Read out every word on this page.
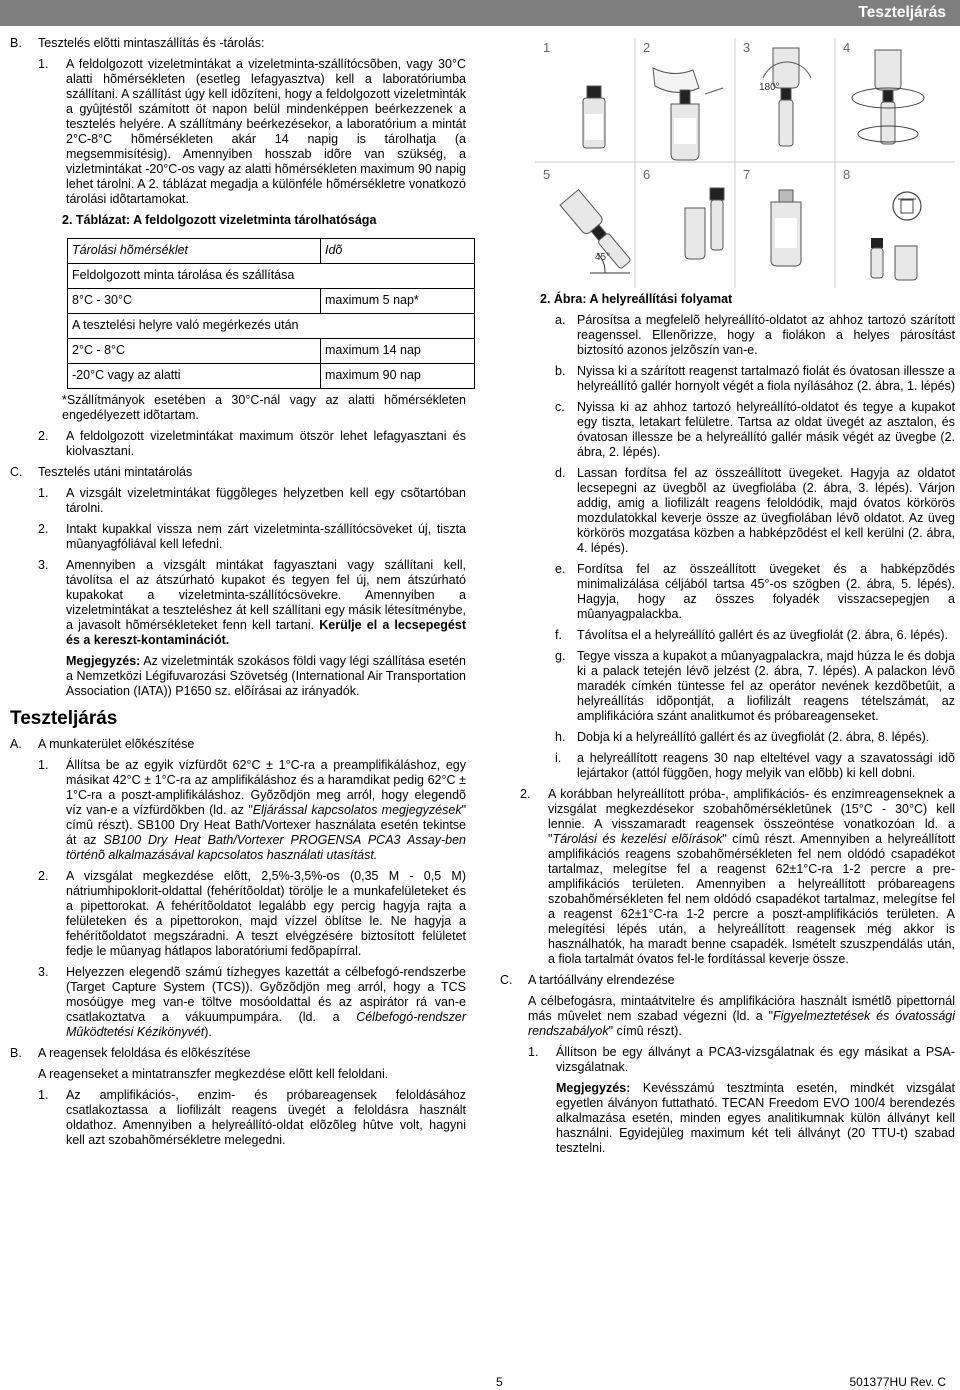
Teszteljárás
B.	Tesztelés elõtti mintaszállítás és -tárolás:
1.	A feldolgozott vizeletmintákat a vizeletminta-szállítócsõben, vagy 30°C alatti hõmérsékleten (esetleg lefagyasztva) kell a laboratóriumba szállítani. A szállítást úgy kell idõzíteni, hogy a feldolgozott vizeletminták a gyûjtéstõl számított öt napon belül mindenképpen beérkezzenek a tesztelés helyére. A szállítmány beérkezésekor, a laboratórium a mintát 2°C-8°C hõmérsékleten akár 14 napig is tárolhatja (a megsemmisítésig). Amennyiben hosszab idõre van szükség, a vizletmintákat -20°C-os vagy az alatti hõmérsékleten maximum 90 napig lehet tárolni. A 2. táblázat megadja a különféle hõmérsékletre vonatkozó tárolási idõtartamokat.
2. Táblázat: A feldolgozott vizeletminta tárolhatósága
Tárolási hõmérséklet	Idõ
Feldolgozott minta tárolása és szállítása	
8°C - 30°C	maximum 5 nap*
A tesztelési helyre való megérkezés után	
2°C - 8°C	maximum 14 nap
-20°C vagy az alatti	maximum 90 nap
*Szállítmányok esetében a 30°C-nál vagy az alatti hõmérsékleten engedélyezett idõtartam.
2.	A feldolgozott vizeletmintákat maximum ötször lehet lefagyasztani és kiolvasztani.
C.	Tesztelés utáni mintatárolás
1.	A vizsgált vizeletmintákat függõleges helyzetben kell egy csõtartóban tárolni.
2.	Intakt kupakkal vissza nem zárt vizeletminta-szállítócsöveket új, tiszta mûanyagfóliával kell lefedni.
3.	Amennyiben a vizsgált mintákat fagyasztani vagy szállítani kell, távolítsa el az átszúrható kupakot és tegyen fel új, nem átszúrható kupakokat a vizeletminta-szállítócsövekre. Amennyiben a vizeletmintákat a teszteléshez át kell szállítani egy másik létesítménybe, a javasolt hõmérsékleteket fenn kell tartani. Kerülje el a lecsepegést és a kereszt-kontaminációt.
Megjegyzés: Az vizeletminták szokásos földi vagy légi szállítása esetén a Nemzetközi Légifuvarozási Szövetség (International Air Transportation Association (IATA)) P1650 sz. elõírásai az irányadók.
Teszteljárás
A.	A munkaterület elõkészítése
1.	Állítsa be az egyik vízfürdõt 62°C ± 1°C-ra a preamplifikáláshoz, egy másikat 42°C ± 1°C-ra az amplifikáláshoz és a haramdikat pedig 62°C ± 1°C-ra a poszt-amplifikáláshoz. Gyõzõdjön meg arról, hogy elegendõ víz van-e a vízfürdõkben (ld. az "Eljárással kapcsolatos megjegyzések" címû részt). SB100 Dry Heat Bath/Vortexer használata esetén tekintse át az SB100 Dry Heat Bath/Vortexer PROGENSA PCA3 Assay-ben történõ alkalmazásával kapcsolatos használati utasítást.
2.	A vizsgálat megkezdése elõtt, 2,5%-3,5%-os (0,35 M - 0,5 M) nátriumhipoklorit-oldattal (fehérítõoldat) törölje le a munkafelületeket és a pipettorokat. A fehérítõoldatot legalább egy percig hagyja rajta a felületeken és a pipettorokon, majd vízzel öblítse le. Ne hagyja a fehérítõoldatot megszáradni. A teszt elvégzésére biztosított felületet fedje le mûanyag hátlapos laboratóriumi fedõpapírral.
3.	Helyezzen elegendõ számú tízhegyes kazettát a célbefogó-rendszerbe (Target Capture System (TCS)). Gyõzõdjön meg arról, hogy a TCS mosóügye meg van-e töltve mosóoldattal és az aspirátor rá van-e csatlakoztatva a vákuumpumpára. (ld. a Célbefogó-rendszer Mûködtetési Kézikönyvét).
B.	A reagensek feloldása és elõkészítése
A reagenseket a mintatranszfer megkezdése elõtt kell feloldani.
1.	Az amplifikációs-, enzim- és próbareagensek feloldásához csatlakoztassa a liofilizált reagens üvegét a feloldásra használt oldathoz. Amennyiben a helyreállító-oldat elõzõleg hûtve volt, hagyni kell azt szobahõmérsékletre melegedni.
1	2	3	4
5	6	7	8
180°
45°
2. Ábra: A helyreállítási folyamat
a. Párosítsa a megfelelõ helyreállító-oldatot az ahhoz tartozó szárított reagenssel. Ellenõrizze, hogy a fiolákon a helyes párosítást biztosító azonos jelzõszín van-e.
b. Nyissa ki a szárított reagenst tartalmazó fiolát és óvatosan illessze a helyreállító gallér hornyolt végét a fiola nyílásához (2. ábra, 1. lépés)
c. Nyissa ki az ahhoz tartozó helyreállító-oldatot és tegye a kupakot egy tiszta, letakart felületre. Tartsa az oldat üvegét az asztalon, és óvatosan illessze be a helyreállító gallér másik végét az üvegbe (2. ábra, 2. lépés).
d. Lassan fordítsa fel az összeállított üvegeket. Hagyja az oldatot lecsepegni az üvegbõl az üvegfiolába (2. ábra, 3. lépés). Várjon addig, amig a liofilizált reagens feloldódik, majd óvatos körkörös mozdulatokkal keverje össze az üvegfiolában lévõ oldatot. Az üveg körkörös mozgatása közben a habképzõdést el kell kerülni (2. ábra, 4. lépés).
e. Fordítsa fel az összeállított üvegeket és a habképzõdés minimalizálása céljából tartsa 45°-os szögben (2. ábra, 5. lépés). Hagyja, hogy az összes folyadék visszacsepegjen a mûanyagpalackba.
f.	Távolítsa el a helyreállító gallért és az üvegfiolát (2. ábra, 6. lépés).
g. Tegye vissza a kupakot a mûanyagpalackra, majd húzza le és dobja ki a palack tetején lévõ jelzést (2. ábra, 7. lépés). A palackon lévõ maradék címkén tüntesse fel az operátor nevének kezdõbetûit, a helyreállítás idõpontját, a liofilizált reagens tételszámát, az amplifikációra szánt analitkumot és próbareagenseket.
h. Dobja ki a helyreállító gallért és az üvegfiolát (2. ábra, 8. lépés).
i.	a helyreállított reagens 30 nap elteltével vagy a szavatossági idõ lejártakor (attól függõen, hogy melyik van elõbb) ki kell dobni.
2.	A korábban helyreállított próba-, amplifikációs- és enzimreagenseknek a vizsgálat megkezdésekor szobahõmérsékletûnek (15°C - 30°C) kell lennie. A visszamaradt reagensek összeöntése vonatkozóan ld. a "Tárolási és kezelési elõírások" címû részt. Amennyiben a helyreállított amplifikációs reagens szobahõmérsékleten fel nem oldódó csapadékot tartalmaz, melegítse fel a reagenst 62±1°C-ra 1-2 percre a pre-amplifikációs területen. Amennyiben a helyreállított próbareagens szobahõmérsékleten fel nem oldódó csapadékot tartalmaz, melegítse fel a reagenst 62±1°C-ra 1-2 percre a poszt-amplifikációs területen. A melegítési lépés után, a helyreállított reagensek még akkor is használhatók, ha maradt benne csapadék. Ismételt szuszpendálás után, a fiola tartalmát óvatos fel-le fordítással keverje össze.
C.	A tartóállvány elrendezése
A célbefogásra, mintaátvitelre és amplifikációra használt ismétlõ pipettornál más mûvelet nem szabad végezni (ld. a "Figyelmeztetések és óvatossági rendszabályok" címû részt).
1.	Állítson be egy állványt a PCA3-vizsgálatnak és egy másikat a PSA-vizsgálatnak.
Megjegyzés: Kevésszámú tesztminta esetén, mindkét vizsgálat egyetlen álványon futtatható. TECAN Freedom EVO 100/4 berendezés alkalmazása esetén, minden egyes analitikumnak külön állványt kell használni. Egyidejûleg maximum két teli állványt (20 TTU-t) szabad tesztelni.
5	501377HU Rev. C
